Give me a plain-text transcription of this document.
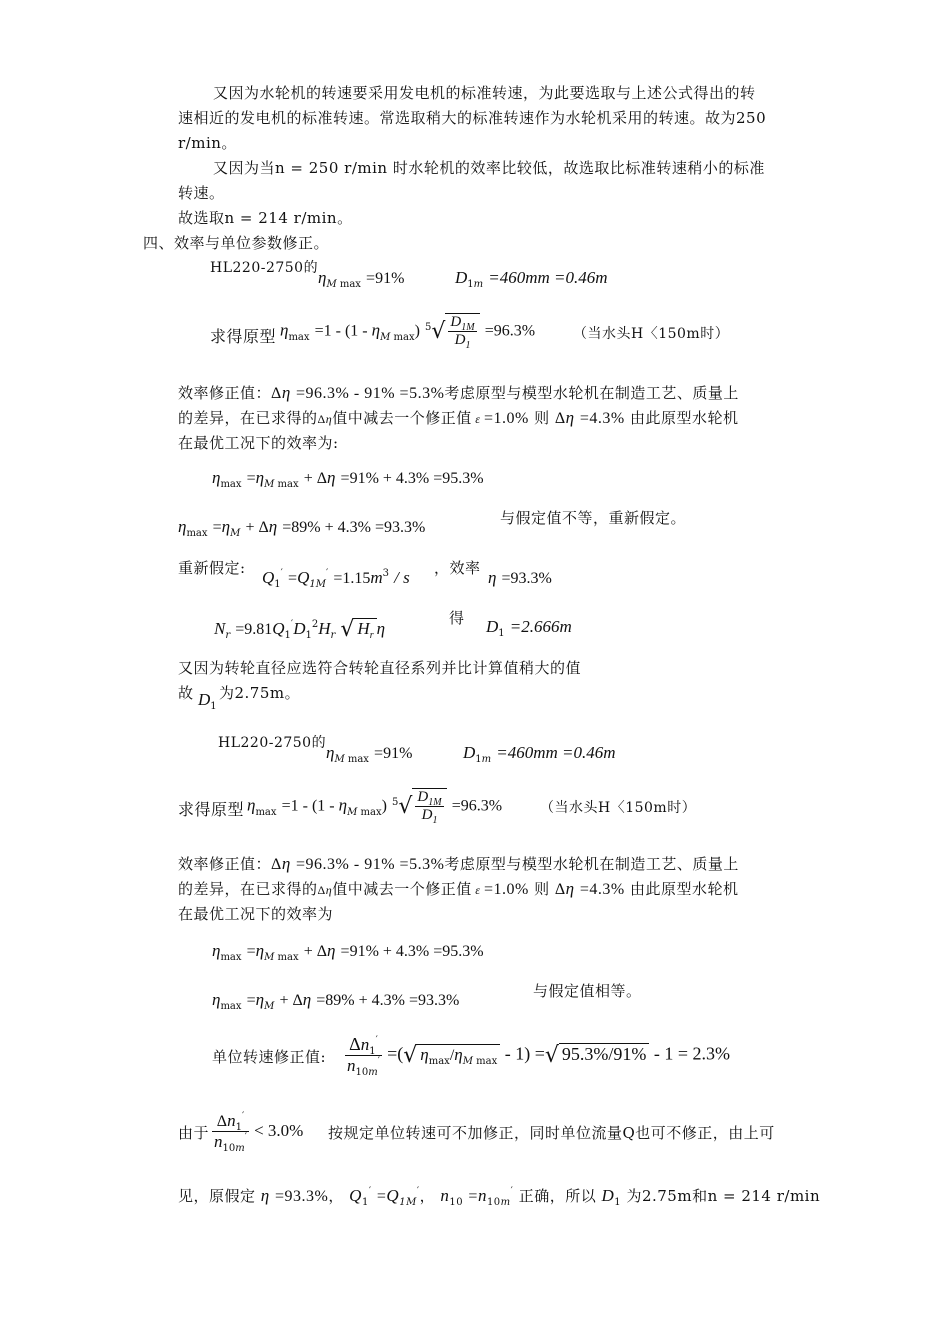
又因为水轮机的转速要采用发电机的标准转速，为此要选取与上述公式得出的转
速相近的发电机的标准转速。常选取稍大的标准转速作为水轮机采用的转速。故为250
r/min。
又因为当n = 250 r/min 时水轮机的效率比较低，故选取比标准转速稍小的标准
转速。
故选取n = 214 r/min。
四、效率与单位参数修正。
HL220-2750的 $\eta_M$ $_{max}$ =91%	$D_{1m} =460mm =0.46m$
求得原型 $\eta_{max} =1 - (1 - \eta_M$ $_{max}$) $^5√ \frac{D_{1M}}{D_1} =96.3\%$	（当水头H〈150m时）
效率修正值：Δη =96.3% - 91% =5.3%考虑原型与模型水轮机在制造工艺、质量上
的差异，在已求得的Δη值中减去一个修正值 ε =1.0% 则 Δη =4.3% 由此原型水轮机
在最优工况下的效率为:
$\eta_{max} =\eta_M$ $_{max}$ + Δη =91% + 4.3% =95.3%
$\eta_{max} =\eta_M + \Delta\eta =89\% + 4.3\% =93.3\%$
与假定值不等，重新假定。
重新假定: $Q_1' =Q_{1M}' =1.15m^3 / s$ ，效率 η =93.3%
$N_r =9.81Q_1'D_1^2H_r$ √ $H_r$ η
得 $D_1 =2.666m$
又因为转轮直径应选符合转轮直径系列并比计算值稍大的值
故 $D_1$
为2.75m。
HL220-2750的 $\eta_M$ $_{max}$ =91%	$D_{1m} =460mm =0.46m$
求得原型 $\eta_{max} =1 - (1 - \eta_M$ $_{max}$) $^5√ \frac{D_{1M}}{D_1} =96.3\%$	（当水头H〈150m时）
效率修正值：Δη =96.3% - 91% =5.3%考虑原型与模型水轮机在制造工艺、质量上
的差异，在已求得的Δη值中减去一个修正值 ε =1.0% 则 Δη =4.3% 由此原型水轮机
在最优工况下的效率为
$\eta_{max} =\eta_M$ $_{max}$ + Δη =91% + 4.3% =95.3%
$\eta_{max} =\eta_M + \Delta\eta =89\% + 4.3\% =93.3\%$
与假定值相等。
单位转速修正值: $\frac{\Delta n_1'}{n_{10m}'}$ =(√ $\eta_{max}/\eta_M$ $_{max}$ - 1) =√ 95.3%/91% - 1 = 2.3%
由于 $\frac{\Delta n_1'}{n_{10m}'} < 3.0\%$ 按规定单位转速可不加修正，同时单位流量Q也可不修正，由上可
见，原假定 η =93.3%， $Q_1' =Q_{1M}'$， $n_{10} =n_{10m}'$ 正确，所以 $D_1$ 为2.75m和n = 214 r/min
